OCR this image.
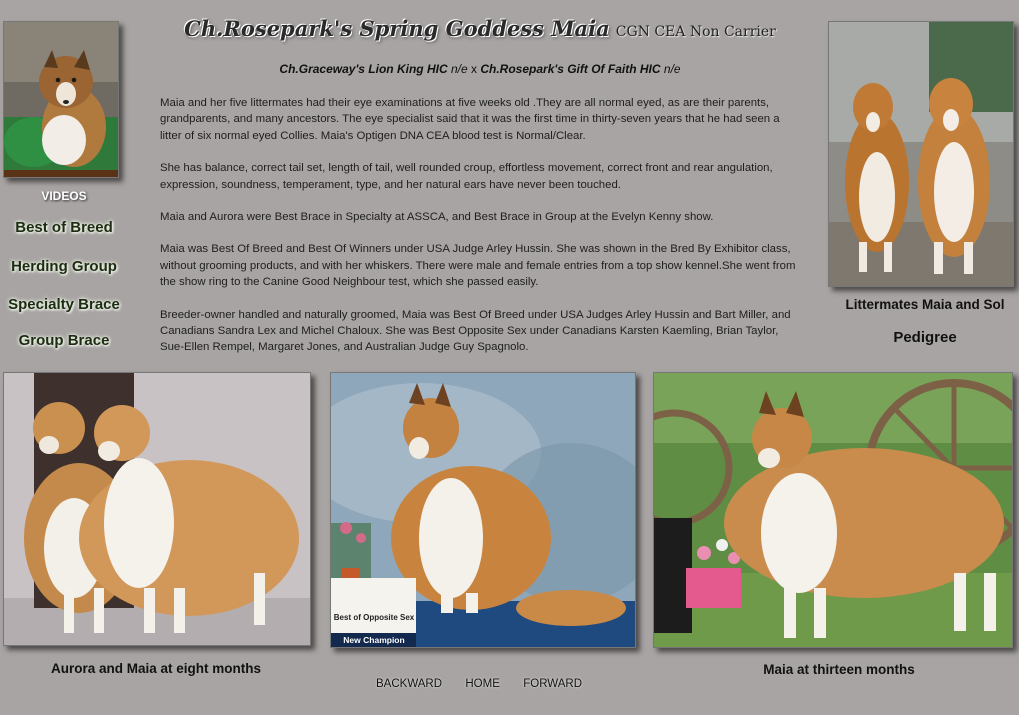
VIDEOS
Best of Breed
Herding Group
Specialty Brace
Group Brace
Ch.Rosepark's Spring Goddess Maia CGN CEA Non Carrier
Ch.Graceway's Lion King HIC n/e x Ch.Rosepark's Gift Of Faith HIC n/e

Maia and her five littermates had their eye examinations at five weeks old .They are all normal eyed, as are their parents, grandparents, and many ancestors. The eye specialist said that it was the first time in thirty-seven years that he had seen a litter of six normal eyed Collies. Maia's Optigen DNA CEA blood test is Normal/Clear.

She has balance, correct tail set, length of tail, well rounded croup, effortless movement, correct front and rear angulation, expression, soundness, temperament, type, and her natural ears have never been touched.

Maia and Aurora were Best Brace in Specialty at ASSCA, and Best Brace in Group at the Evelyn Kenny show.

Maia was Best Of Breed and Best Of Winners under USA Judge Arley Hussin. She was shown in the Bred By Exhibitor class, without grooming products, and with her whiskers. There were male and female entries from a top show kennel.She went from the show ring to the Canine Good Neighbour test, which she passed easily.

Breeder-owner handled and naturally groomed, Maia was Best Of Breed under USA Judges Arley Hussin and Bart Miller, and Canadians Sandra Lex and Michel Chaloux. She was Best Opposite Sex under Canadians Karsten Kaemling, Brian Taylor, Sue-Ellen Rempel, Margaret Jones, and Australian Judge Guy Spagnolo.

Littermates Maia and Sol
Pedigree
Aurora and Maia at eight months
Best of Opposite Sex
New Champion
Maia at thirteen months
BACKWARD HOME FORWARD
